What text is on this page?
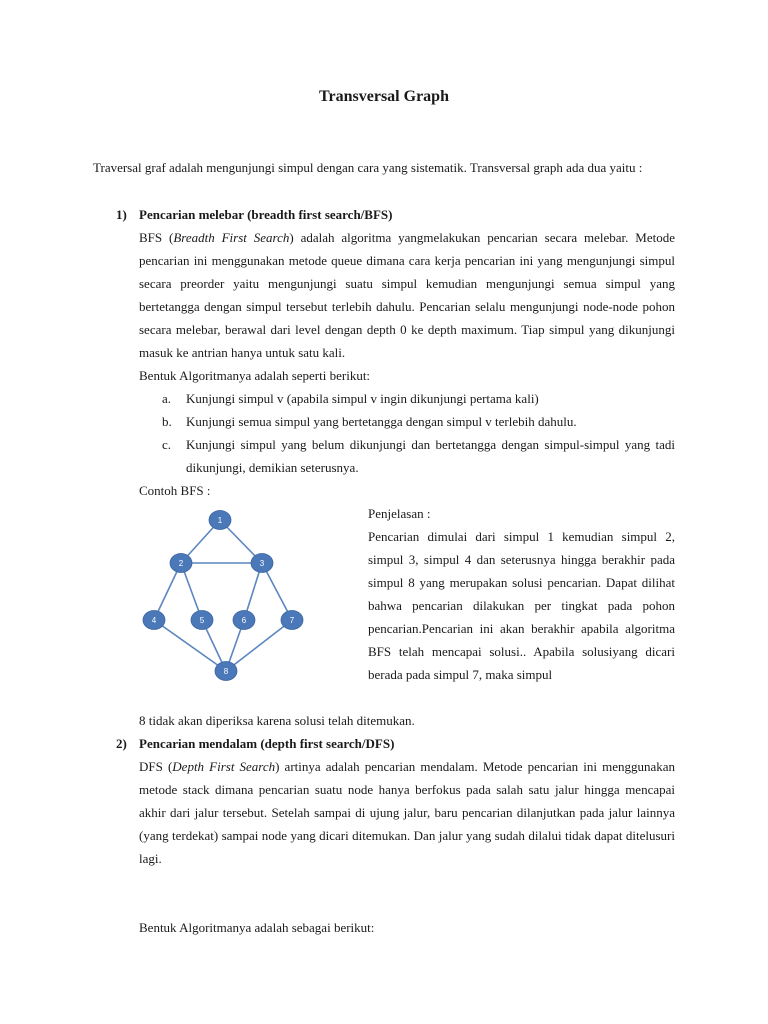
Transversal Graph
Traversal graf adalah mengunjungi simpul dengan cara yang sistematik. Transversal graph ada dua yaitu :
1) Pencarian melebar (breadth first search/BFS)
BFS (Breadth First Search) adalah algoritma yangmelakukan pencarian secara melebar. Metode pencarian ini menggunakan metode queue dimana cara kerja pencarian ini yang mengunjungi simpul secara preorder yaitu mengunjungi suatu simpul kemudian mengunjungi semua simpul yang bertetangga dengan simpul tersebut terlebih dahulu. Pencarian selalu mengunjungi node-node pohon secara melebar, berawal dari level dengan depth 0 ke depth maximum. Tiap simpul yang dikunjungi masuk ke antrian hanya untuk satu kali.
Bentuk Algoritmanya adalah seperti berikut:
a. Kunjungi simpul v (apabila simpul v ingin dikunjungi pertama kali)
b. Kunjungi semua simpul yang bertetangga dengan simpul v terlebih dahulu.
c. Kunjungi simpul yang belum dikunjungi dan bertetangga dengan simpul-simpul yang tadi dikunjungi, demikian seterusnya.
Contoh BFS :
1
2	3
4	5	6	7
8
Penjelasan :
Pencarian dimulai dari simpul 1 kemudian simpul 2, simpul 3, simpul 4 dan seterusnya hingga berakhir pada simpul 8 yang merupakan solusi pencarian. Dapat dilihat bahwa pencarian dilakukan per tingkat pada pohon pencarian.Pencarian ini akan berakhir apabila algoritma BFS telah mencapai solusi.. Apabila solusiyang dicari berada pada simpul 7, maka simpul
8 tidak akan diperiksa karena solusi telah ditemukan.
2) Pencarian mendalam (depth first search/DFS)
DFS (Depth First Search) artinya adalah pencarian mendalam. Metode pencarian ini menggunakan metode stack dimana pencarian suatu node hanya berfokus pada salah satu jalur hingga mencapai akhir dari jalur tersebut. Setelah sampai di ujung jalur, baru pencarian dilanjutkan pada jalur lainnya (yang terdekat) sampai node yang dicari ditemukan. Dan jalur yang sudah dilalui tidak dapat ditelusuri lagi.
Bentuk Algoritmanya adalah sebagai berikut:
